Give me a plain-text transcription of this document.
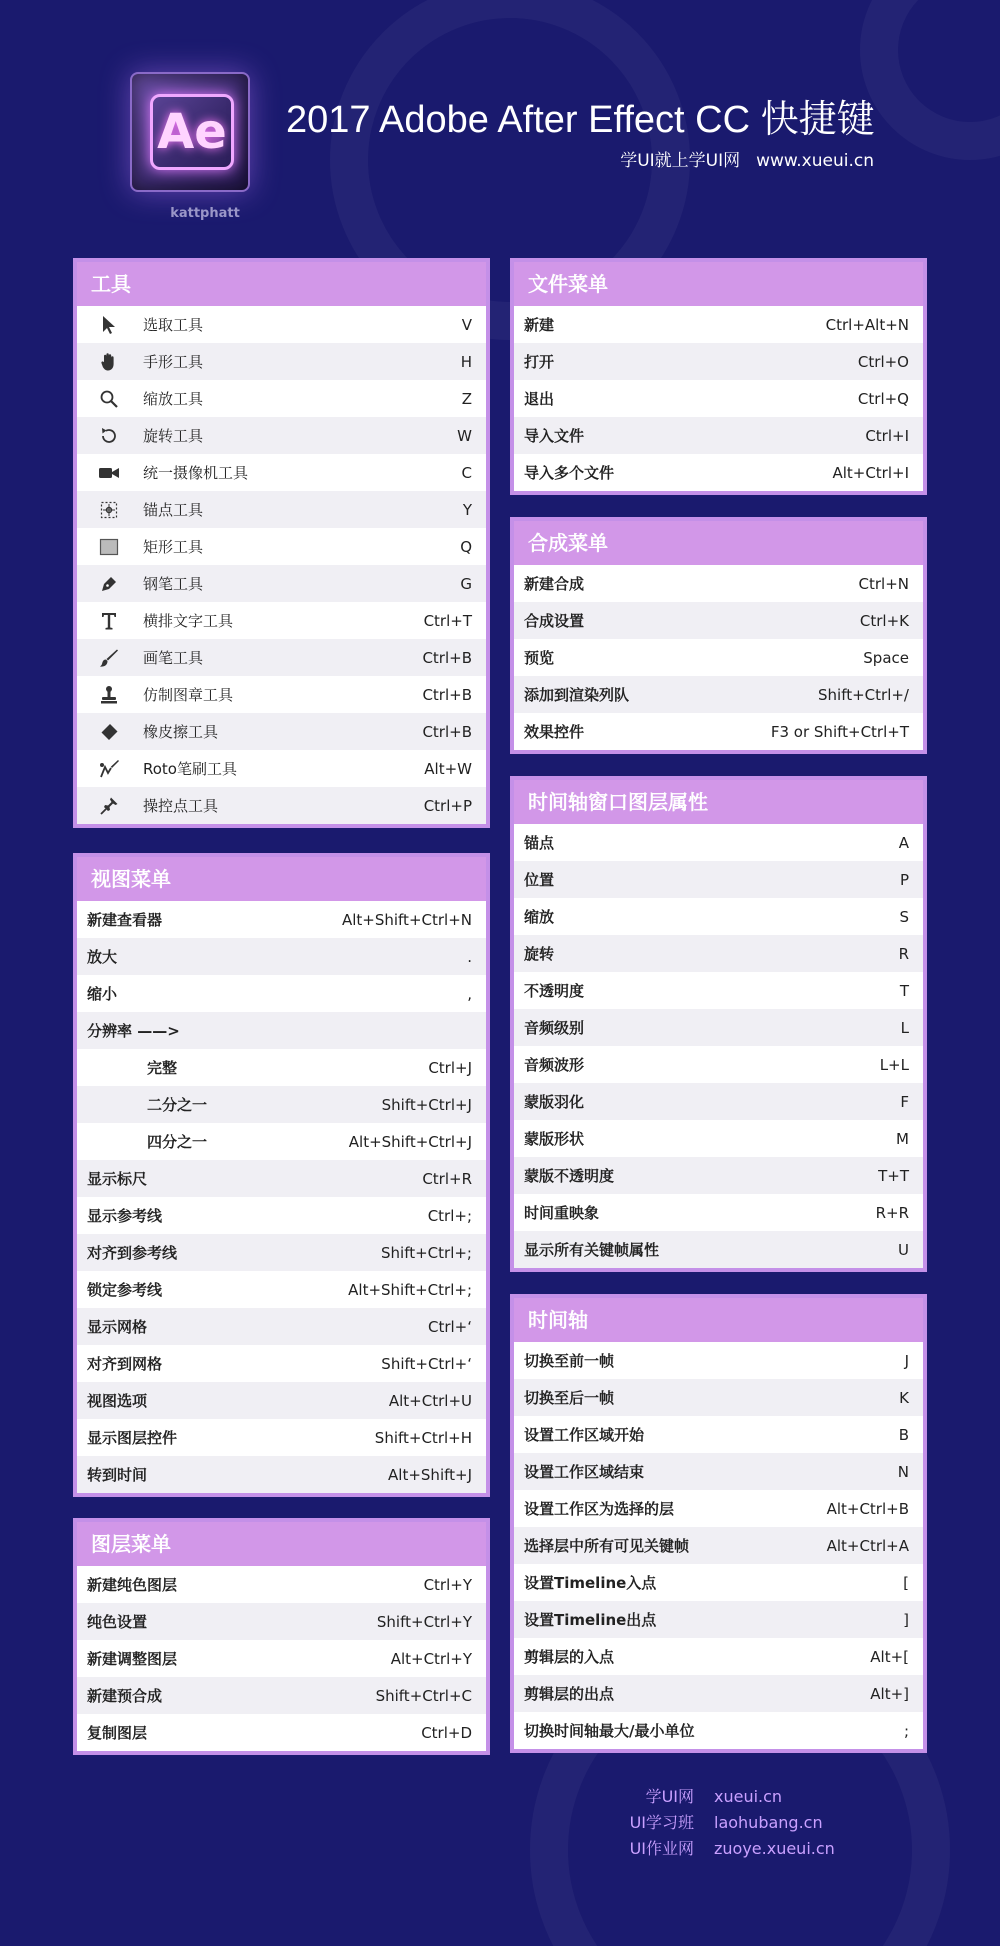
Ae
kattphatt
2017 Adobe After Effect CC 快捷键
学UI就上学UI网 www.xueui.cn
工具
选取工具	V
手形工具	H
缩放工具	Z
旋转工具	W
统一摄像机工具	C
锚点工具	Y
矩形工具	Q
钢笔工具	G
横排文字工具	Ctrl+T
画笔工具	Ctrl+B
仿制图章工具	Ctrl+B
橡皮擦工具	Ctrl+B
Roto笔刷工具	Alt+W
操控点工具	Ctrl+P
视图菜单
新建查看器	Alt+Shift+Ctrl+N
放大	.
缩小	,
分辨率 ——>
完整	Ctrl+J
二分之一	Shift+Ctrl+J
四分之一	Alt+Shift+Ctrl+J
显示标尺	Ctrl+R
显示参考线	Ctrl+;
对齐到参考线	Shift+Ctrl+;
锁定参考线	Alt+Shift+Ctrl+;
显示网格	Ctrl+‘
对齐到网格	Shift+Ctrl+‘
视图选项	Alt+Ctrl+U
显示图层控件	Shift+Ctrl+H
转到时间	Alt+Shift+J
图层菜单
新建纯色图层	Ctrl+Y
纯色设置	Shift+Ctrl+Y
新建调整图层	Alt+Ctrl+Y
新建预合成	Shift+Ctrl+C
复制图层	Ctrl+D
文件菜单
新建	Ctrl+Alt+N
打开	Ctrl+O
退出	Ctrl+Q
导入文件	Ctrl+I
导入多个文件	Alt+Ctrl+I
合成菜单
新建合成	Ctrl+N
合成设置	Ctrl+K
预览	Space
添加到渲染列队	Shift+Ctrl+/
效果控件	F3 or Shift+Ctrl+T
时间轴窗口图层属性
锚点	A
位置	P
缩放	S
旋转	R
不透明度	T
音频级别	L
音频波形	L+L
蒙版羽化	F
蒙版形状	M
蒙版不透明度	T+T
时间重映象	R+R
显示所有关键帧属性	U
时间轴
切换至前一帧	J
切换至后一帧	K
设置工作区域开始	B
设置工作区域结束	N
设置工作区为选择的层	Alt+Ctrl+B
选择层中所有可见关键帧	Alt+Ctrl+A
设置Timeline入点	[
设置Timeline出点	]
剪辑层的入点	Alt+[
剪辑层的出点	Alt+]
切换时间轴最大/最小单位	;
学UI网 xueui.cn
UI学习班 laohubang.cn
UI作业网 zuoye.xueui.cn
